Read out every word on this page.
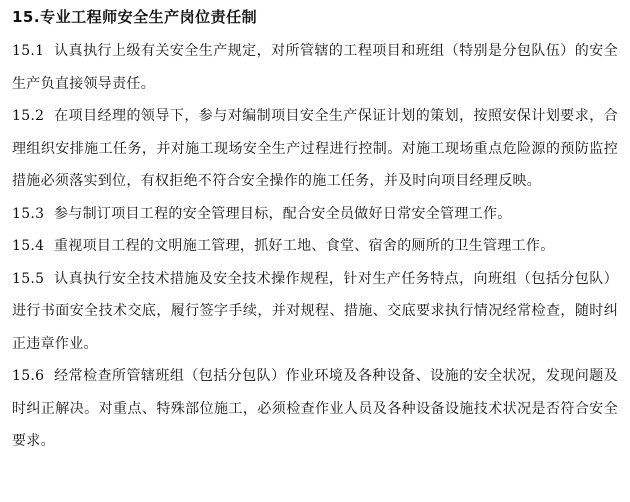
15.专业工程师安全生产岗位责任制

15.1 认真执行上级有关安全生产规定，对所管辖的工程项目和班组（特别是分包队伍）的安全生产负直接领导责任。

15.2 在项目经理的领导下，参与对编制项目安全生产保证计划的策划，按照安保计划要求，合理组织安排施工任务，并对施工现场安全生产过程进行控制。对施工现场重点危险源的预防监控措施必须落实到位，有权拒绝不符合安全操作的施工任务，并及时向项目经理反映。

15.3 参与制订项目工程的安全管理目标，配合安全员做好日常安全管理工作。

15.4 重视项目工程的文明施工管理，抓好工地、食堂、宿舍的厕所的卫生管理工作。

15.5 认真执行安全技术措施及安全技术操作规程，针对生产任务特点，向班组（包括分包队）进行书面安全技术交底，履行签字手续，并对规程、措施、交底要求执行情况经常检查，随时纠正违章作业。

15.6 经常检查所管辖班组（包括分包队）作业环境及各种设备、设施的安全状况，发现问题及时纠正解决。对重点、特殊部位施工，必须检查作业人员及各种设备设施技术状况是否符合安全要求。
